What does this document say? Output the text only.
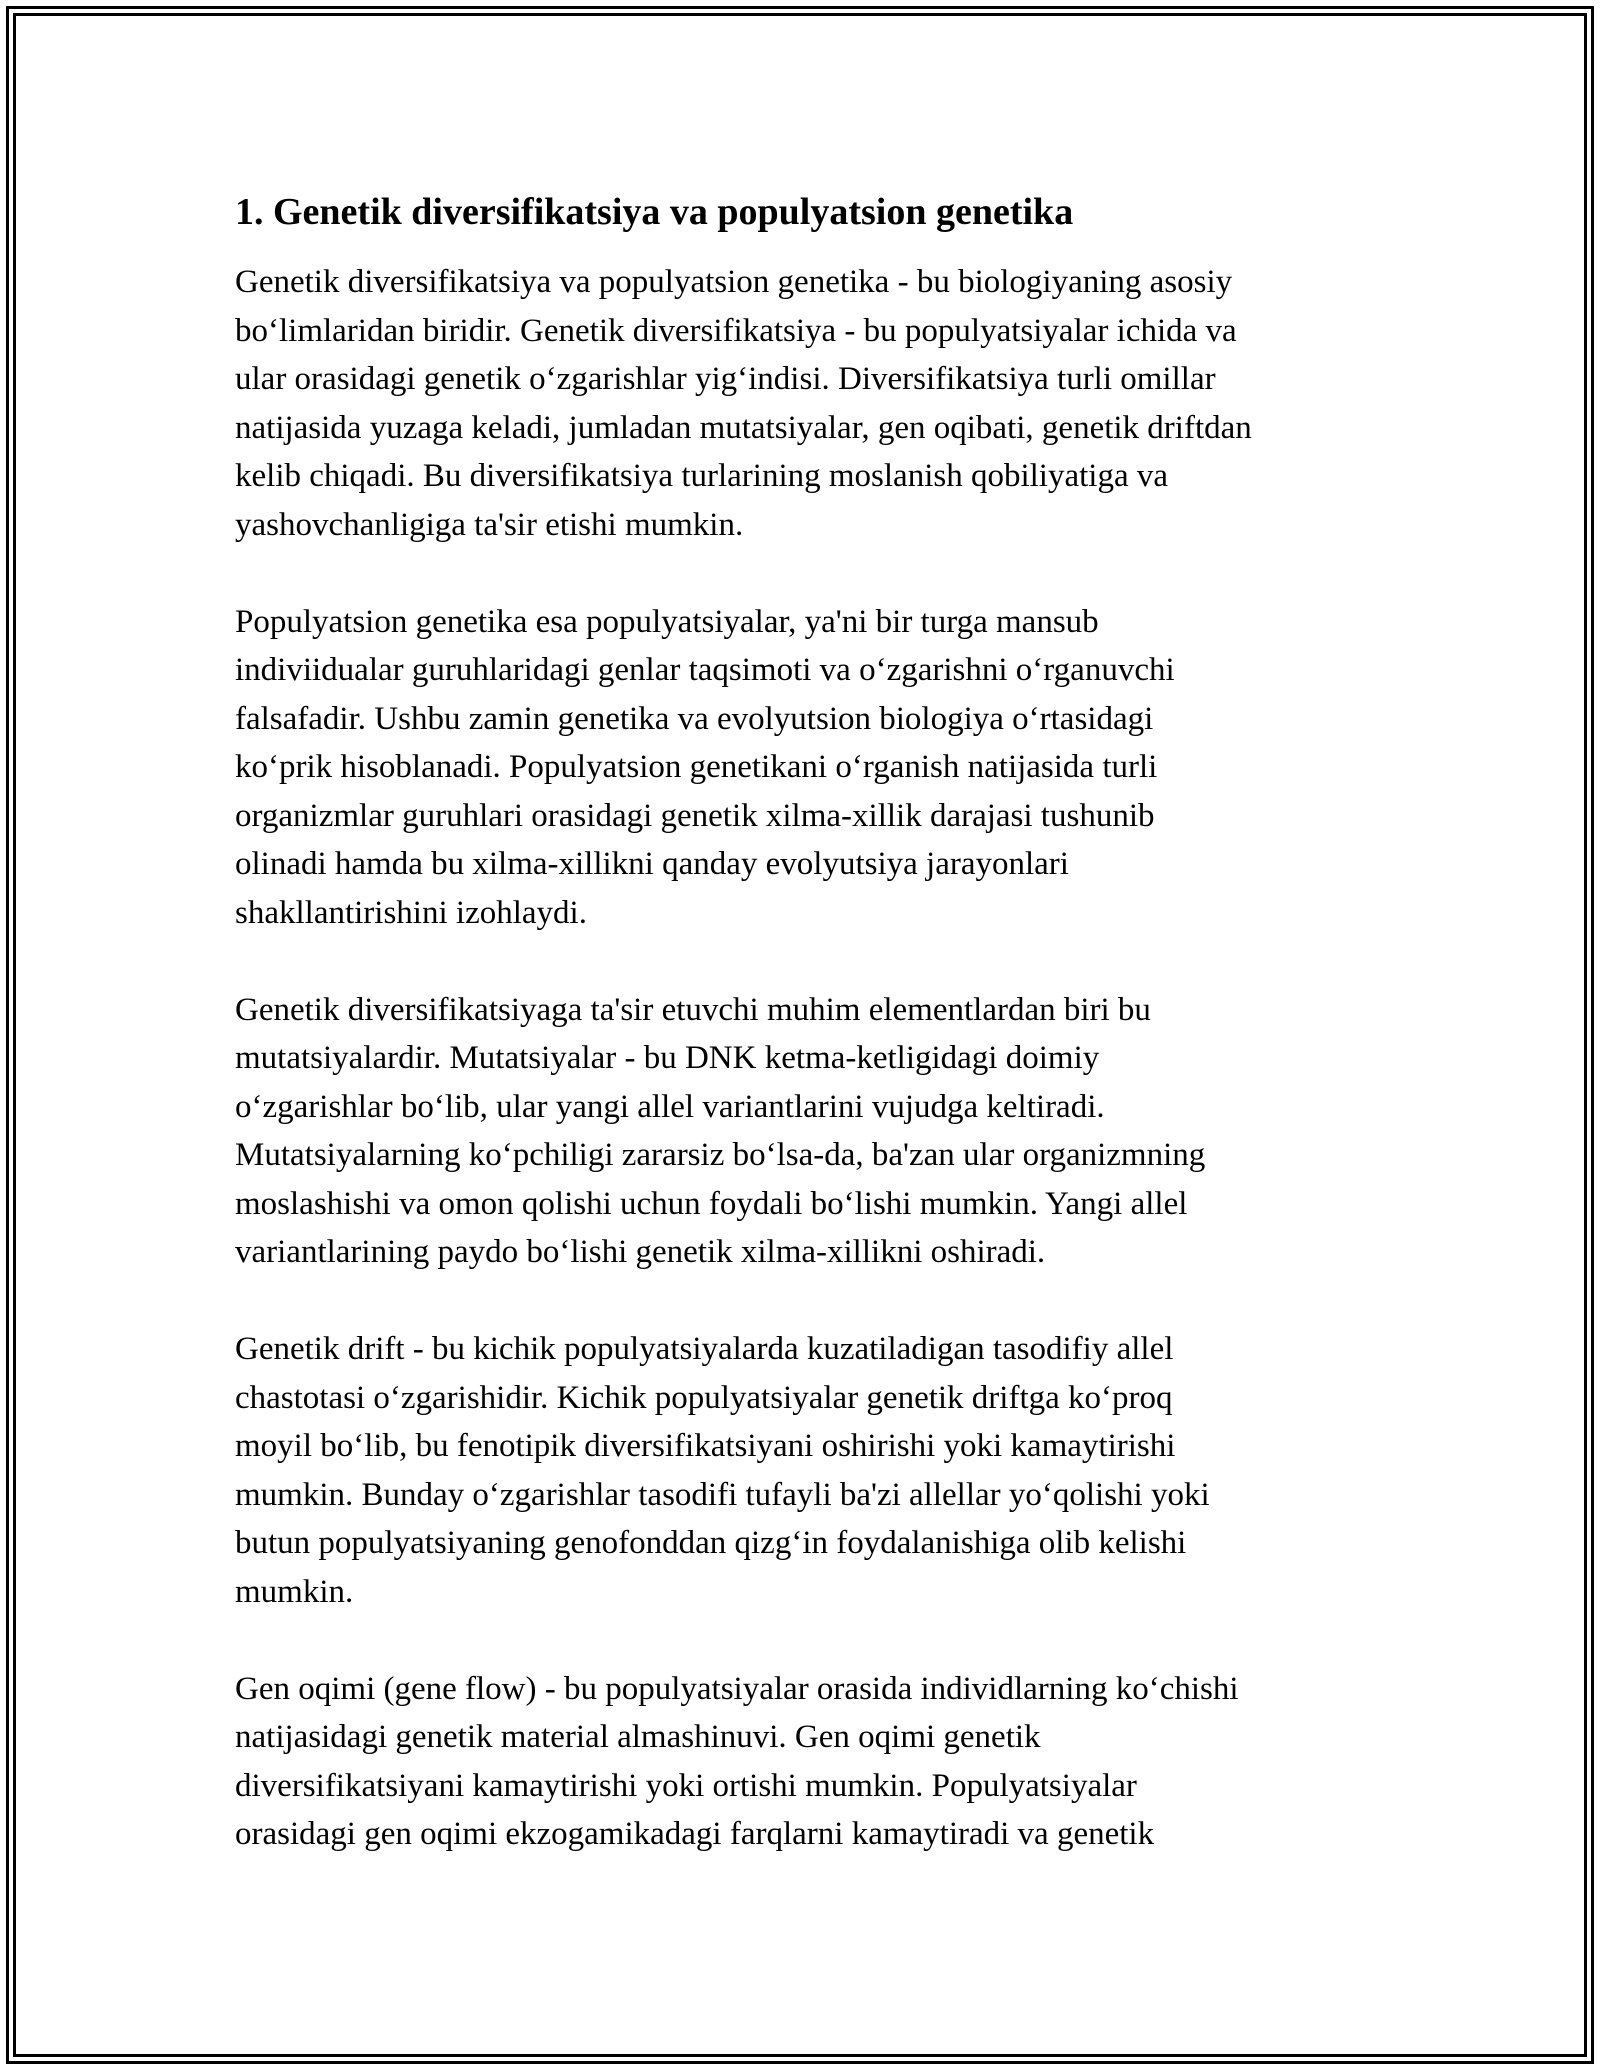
1. Genetik diversifikatsiya va populyatsion genetika

Genetik diversifikatsiya va populyatsion genetika - bu biologiyaning asosiy
bo‘limlaridan biridir. Genetik diversifikatsiya - bu populyatsiyalar ichida va
ular orasidagi genetik o‘zgarishlar yig‘indisi. Diversifikatsiya turli omillar
natijasida yuzaga keladi, jumladan mutatsiyalar, gen oqibati, genetik driftdan
kelib chiqadi. Bu diversifikatsiya turlarining moslanish qobiliyatiga va
yashovchanligiga ta'sir etishi mumkin.

Populyatsion genetika esa populyatsiyalar, ya'ni bir turga mansub
indiviidualar guruhlaridagi genlar taqsimoti va o‘zgarishni o‘rganuvchi
falsafadir. Ushbu zamin genetika va evolyutsion biologiya o‘rtasidagi
ko‘prik hisoblanadi. Populyatsion genetikani o‘rganish natijasida turli
organizmlar guruhlari orasidagi genetik xilma-xillik darajasi tushunib
olinadi hamda bu xilma-xillikni qanday evolyutsiya jarayonlari
shakllantirishini izohlaydi.

Genetik diversifikatsiyaga ta'sir etuvchi muhim elementlardan biri bu
mutatsiyalardir. Mutatsiyalar - bu DNK ketma-ketligidagi doimiy
o‘zgarishlar bo‘lib, ular yangi allel variantlarini vujudga keltiradi.
Mutatsiyalarning ko‘pchiligi zararsiz bo‘lsa-da, ba'zan ular organizmning
moslashishi va omon qolishi uchun foydali bo‘lishi mumkin. Yangi allel
variantlarining paydo bo‘lishi genetik xilma-xillikni oshiradi.

Genetik drift - bu kichik populyatsiyalarda kuzatiladigan tasodifiy allel
chastotasi o‘zgarishidir. Kichik populyatsiyalar genetik driftga ko‘proq
moyil bo‘lib, bu fenotipik diversifikatsiyani oshirishi yoki kamaytirishi
mumkin. Bunday o‘zgarishlar tasodifi tufayli ba'zi allellar yo‘qolishi yoki
butun populyatsiyaning genofonddan qizg‘in foydalanishiga olib kelishi
mumkin.

Gen oqimi (gene flow) - bu populyatsiyalar orasida individlarning ko‘chishi
natijasidagi genetik material almashinuvi. Gen oqimi genetik
diversifikatsiyani kamaytirishi yoki ortishi mumkin. Populyatsiyalar
orasidagi gen oqimi ekzogamikadagi farqlarni kamaytiradi va genetik
